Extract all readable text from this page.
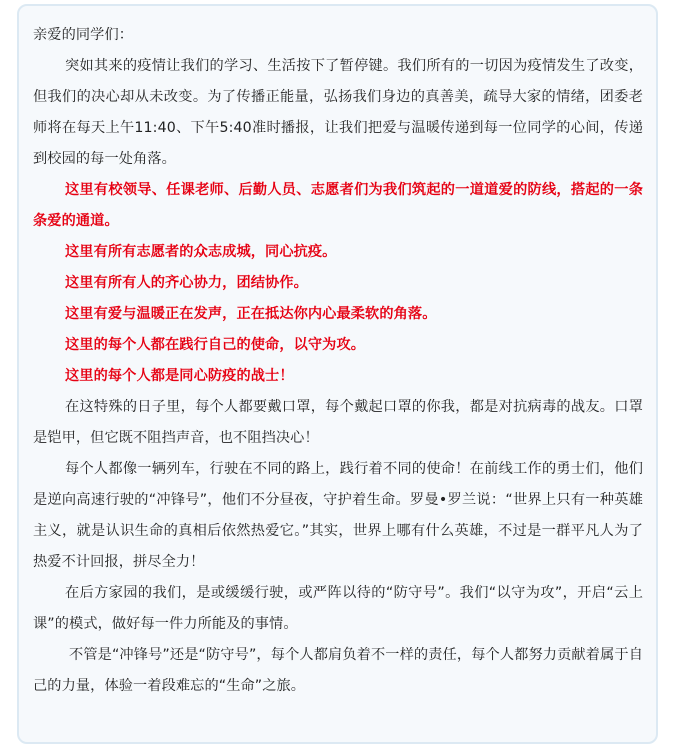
亲爱的同学们：

突如其来的疫情让我们的学习、生活按下了暂停键。我们所有的一切因为疫情发生了改变，但我们的决心却从未改变。为了传播正能量，弘扬我们身边的真善美，疏导大家的情绪，团委老师将在每天上午11:40、下午5:40准时播报，让我们把爱与温暖传递到每一位同学的心间，传递到校园的每一处角落。

这里有校领导、任课老师、后勤人员、志愿者们为我们筑起的一道道爱的防线，搭起的一条条爱的通道。

这里有所有志愿者的众志成城，同心抗疫。

这里有所有人的齐心协力，团结协作。

这里有爱与温暖正在发声，正在抵达你内心最柔软的角落。

这里的每个人都在践行自己的使命，以守为攻。

这里的每个人都是同心防疫的战士！

在这特殊的日子里，每个人都要戴口罩，每个戴起口罩的你我，都是对抗病毒的战友。口罩是铠甲，但它既不阻挡声音，也不阻挡决心！

每个人都像一辆列车，行驶在不同的路上，践行着不同的使命！在前线工作的勇士们，他们是逆向高速行驶的“冲锋号”，他们不分昼夜，守护着生命。罗曼•罗兰说：“世界上只有一种英雄主义，就是认识生命的真相后依然热爱它。”其实，世界上哪有什么英雄，不过是一群平凡人为了热爱不计回报，拼尽全力！

在后方家园的我们，是或缓缓行驶，或严阵以待的“防守号”。我们“以守为攻”，开启“云上课”的模式，做好每一件力所能及的事情。

不管是“冲锋号”还是“防守号”，每个人都肩负着不一样的责任，每个人都努力贡献着属于自己的力量，体验一着段难忘的“生命”之旅。
